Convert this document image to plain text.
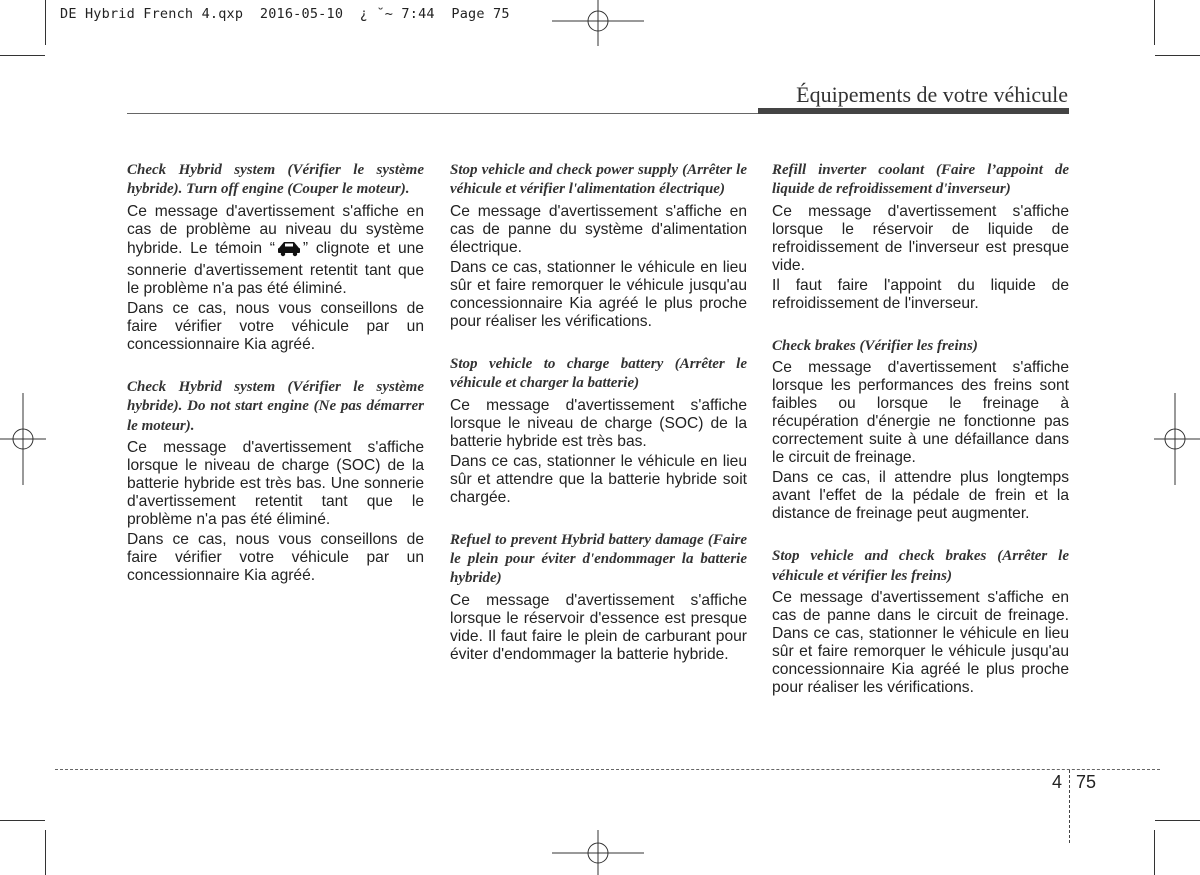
DE Hybrid French 4.qxp  2016-05-10  ¿ ˘~ 7:44  Page 75
Équipements de votre véhicule
Check Hybrid system (Vérifier le système hybride). Turn off engine (Couper le moteur).
Ce message d'avertissement s'affiche en cas de problème au niveau du système hybride. Le témoin “ ” clignote et une sonnerie d'avertissement retentit tant que le problème n'a pas été éliminé.
Dans ce cas, nous vous conseillons de faire vérifier votre véhicule par un concessionnaire Kia agréé.
Check Hybrid system (Vérifier le système hybride). Do not start engine (Ne pas démarrer le moteur).
Ce message d'avertissement s'affiche lorsque le niveau de charge (SOC) de la batterie hybride est très bas. Une sonnerie d'avertissement retentit tant que le problème n'a pas été éliminé.
Dans ce cas, nous vous conseillons de faire vérifier votre véhicule par un concessionnaire Kia agréé.
Stop vehicle and check power supply (Arrêter le véhicule et vérifier l'alimentation électrique)
Ce message d'avertissement s'affiche en cas de panne du système d'alimentation électrique.
Dans ce cas, stationner le véhicule en lieu sûr et faire remorquer le véhicule jusqu'au concessionnaire Kia agréé le plus proche pour réaliser les vérifications.
Stop vehicle to charge battery (Arrêter le véhicule et charger la batterie)
Ce message d'avertissement s'affiche lorsque le niveau de charge (SOC) de la batterie hybride est très bas.
Dans ce cas, stationner le véhicule en lieu sûr et attendre que la batterie hybride soit chargée.
Refuel to prevent Hybrid battery damage (Faire le plein pour éviter d'endommager la batterie hybride)
Ce message d'avertissement s'affiche lorsque le réservoir d'essence est presque vide. Il faut faire le plein de carburant pour éviter d'endommager la batterie hybride.
Refill inverter coolant (Faire l’appoint de liquide de refroidissement d'inverseur)
Ce message d'avertissement s'affiche lorsque le réservoir de liquide de refroidissement de l'inverseur est presque vide.
Il faut faire l'appoint du liquide de refroidissement de l'inverseur.
Check brakes (Vérifier les freins)
Ce message d'avertissement s'affiche lorsque les performances des freins sont faibles ou lorsque le freinage à récupération d'énergie ne fonctionne pas correctement suite à une défaillance dans le circuit de freinage.
Dans ce cas, il attendre plus longtemps avant l'effet de la pédale de frein et la distance de freinage peut augmenter.
Stop vehicle and check brakes (Arrêter le véhicule et vérifier les freins)
Ce message d'avertissement s'affiche en cas de panne dans le circuit de freinage. Dans ce cas, stationner le véhicule en lieu sûr et faire remorquer le véhicule jusqu'au concessionnaire Kia agréé le plus proche pour réaliser les vérifications.
4 75
